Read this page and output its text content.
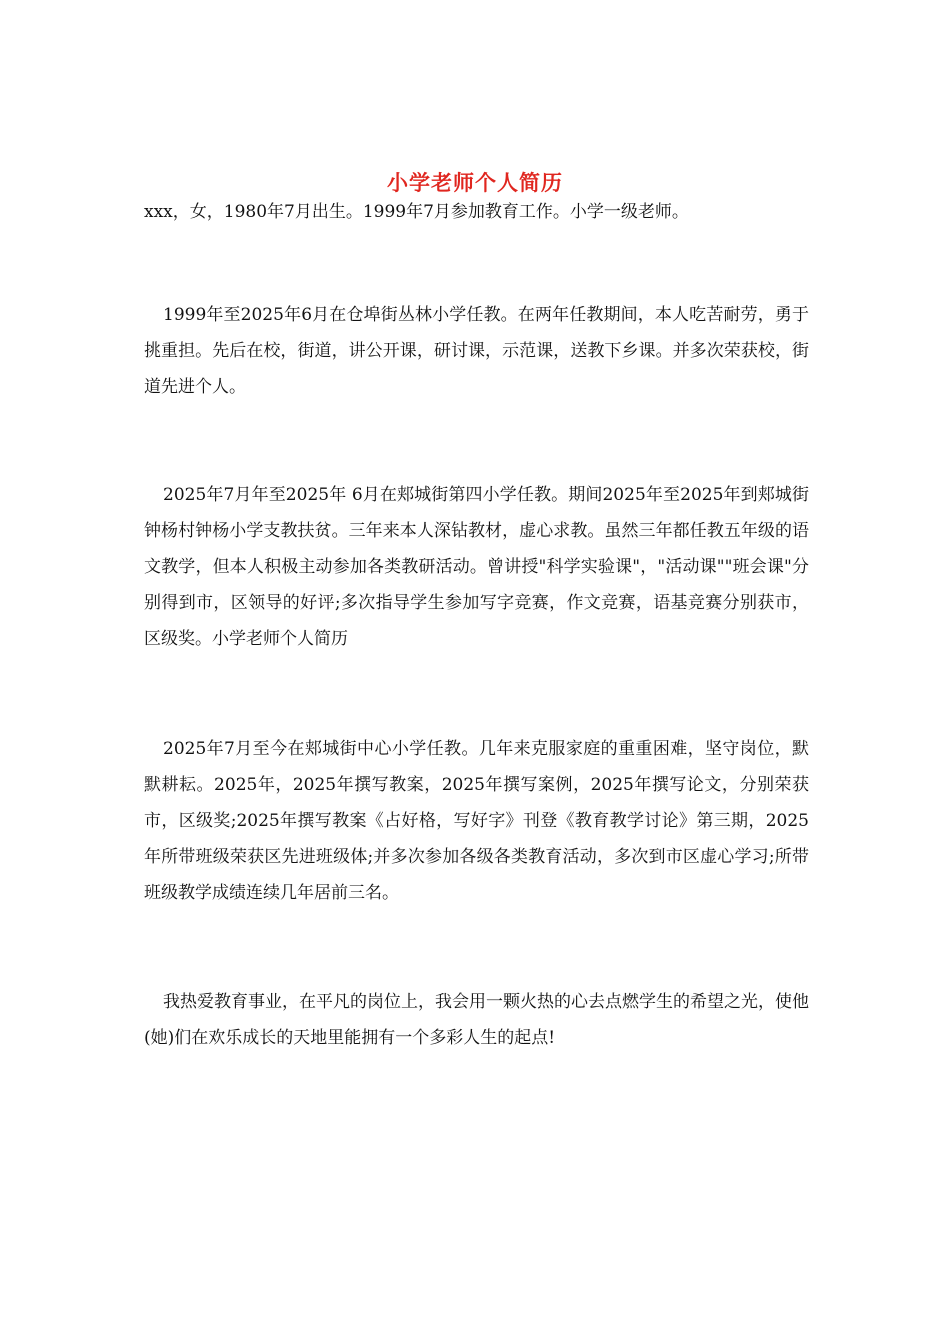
小学老师个人简历

xxx，女，1980年7月出生。1999年7月参加教育工作。小学一级老师。

1999年至2025年6月在仓埠街丛林小学任教。在两年任教期间，本人吃苦耐劳，勇于挑重担。先后在校，街道，讲公开课，研讨课，示范课，送教下乡课。并多次荣获校，街道先进个人。

2025年7月年至2025年 6月在郏城街第四小学任教。期间2025年至2025年到郏城街钟杨村钟杨小学支教扶贫。三年来本人深钻教材，虚心求教。虽然三年都任教五年级的语文教学，但本人积极主动参加各类教研活动。曾讲授"科学实验课"，"活动课""班会课"分别得到市，区领导的好评;多次指导学生参加写字竞赛，作文竞赛，语基竞赛分别获市，区级奖。小学老师个人简历

2025年7月至今在郏城街中心小学任教。几年来克服家庭的重重困难，坚守岗位，默默耕耘。2025年，2025年撰写教案，2025年撰写案例，2025年撰写论文，分别荣获市，区级奖;2025年撰写教案《占好格，写好字》刊登《教育教学讨论》第三期，2025年所带班级荣获区先进班级体;并多次参加各级各类教育活动，多次到市区虚心学习;所带班级教学成绩连续几年居前三名。

我热爱教育事业，在平凡的岗位上，我会用一颗火热的心去点燃学生的希望之光，使他(她)们在欢乐成长的天地里能拥有一个多彩人生的起点!
